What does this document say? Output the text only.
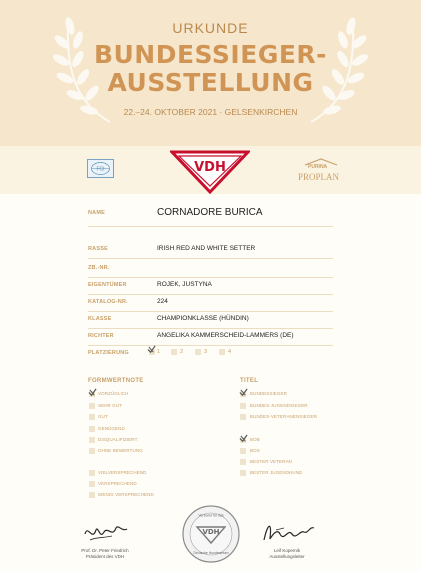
URKUNDE
BUNDESSIEGER-
AUSSTELLUNG
22.–24. OKTOBER 2021 · GELSENKIRCHEN
FCI	VDH	PURINA
PROPLAN
NAME	CORNADORE BURICA
RASSE	IRISH RED AND WHITE SETTER
ZB.-NR.
EIGENTÜMER	ROJEK, JUSTYNA
KATALOG-NR.	224
KLASSE	CHAMPIONKLASSE (HÜNDIN)
RICHTER	ANGELIKA KAMMERSCHEID-LAMMERS (DE)
PLATZIERUNG	1	2	3	4
FORMWERTNOTE
VORZÜGLICH
SEHR GUT
GUT
GENÜGEND
DISQUALIFIZIERT
OHNE BEWERTUNG
VIELVERSPRECHEND
VERSPRECHEND
WENIG VERSPRECHEND
TITEL
BUNDESSIEGER
BUNDES-JUGENDSIEGER
BUNDES-VETERANENSIEGER
BOB
BOS
BESTER VETERAN
BESTER JUGENDHUND
Prof. Dr. Peter Friedrich
Präsident des VDH
Leif Kopernik
Ausstellungsleiter
Verband für das
VDH
Deutsche Hundewesen
